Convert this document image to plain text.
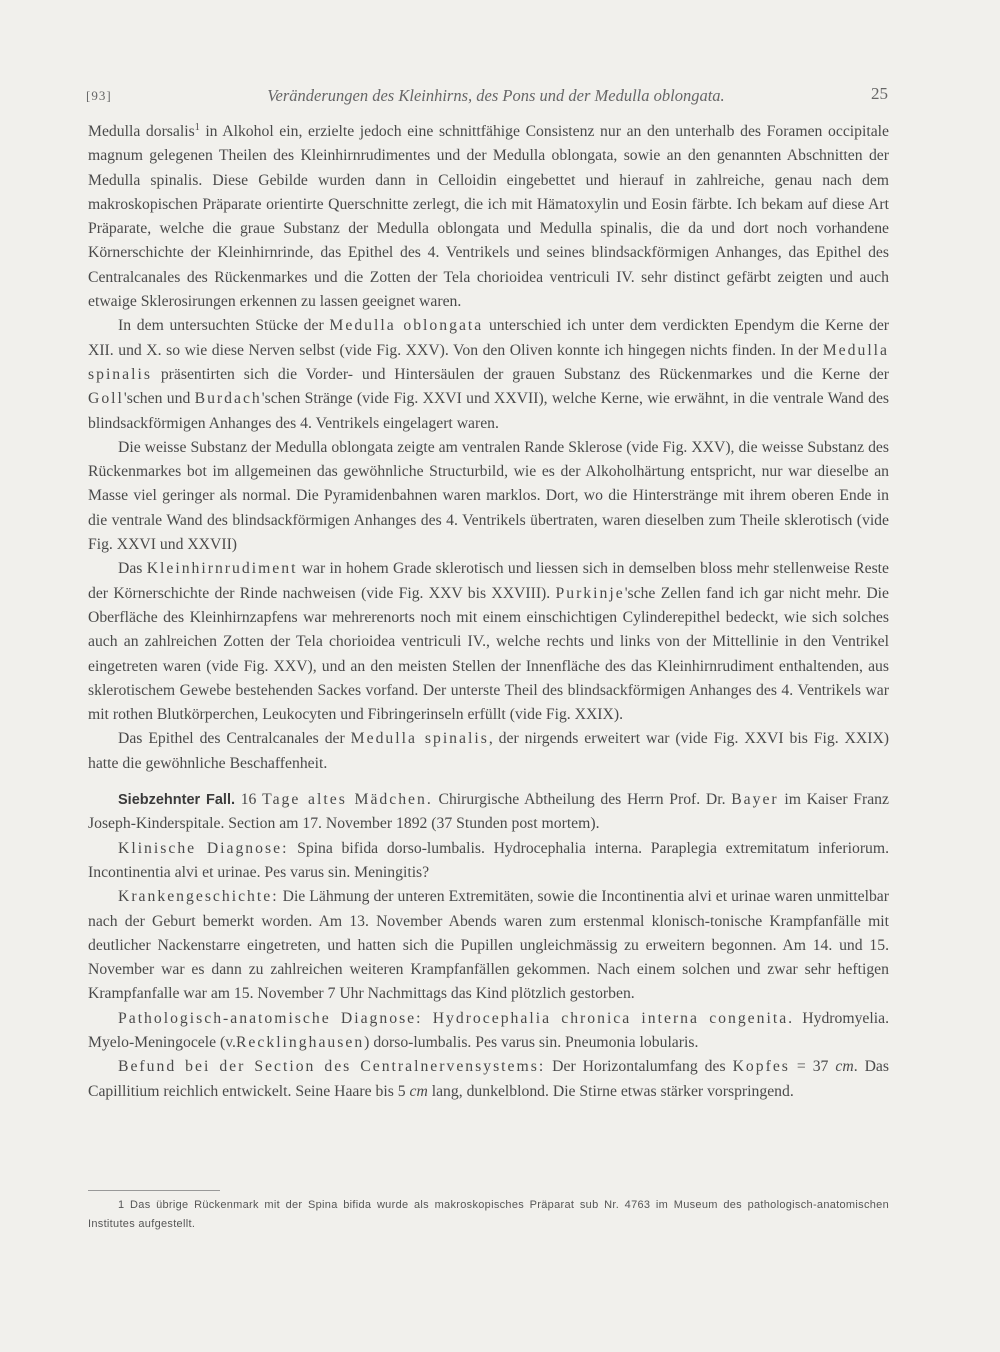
[93]	Veränderungen des Kleinhirns, des Pons und der Medulla oblongata.	25

Medulla dorsalis$^1$ in Alkohol ein, erzielte jedoch eine schnittfähige Consistenz nur an den unterhalb des Foramen occipitale magnum gelegenen Theilen des Kleinhirnrudimentes und der Medulla oblongata, sowie an den genannten Abschnitten der Medulla spinalis. Diese Gebilde wurden dann in Celloidin eingebettet und hierauf in zahlreiche, genau nach dem makroskopischen Präparate orientirte Querschnitte zerlegt, die ich mit Hämatoxylin und Eosin färbte. Ich bekam auf diese Art Präparate, welche die graue Substanz der Medulla oblongata und Medulla spinalis, die da und dort noch vorhandene Körnerschichte der Kleinhirnrinde, das Epithel des 4. Ventrikels und seines blindsackförmigen Anhanges, das Epithel des Centralcanales des Rückenmarkes und die Zotten der Tela chorioidea ventriculi IV. sehr distinct gefärbt zeigten und auch etwaige Sklerosirungen erkennen zu lassen geeignet waren.

In dem untersuchten Stücke der Medulla oblongata unterschied ich unter dem verdickten Ependym die Kerne der XII. und X. so wie diese Nerven selbst (vide Fig. XXV). Von den Oliven konnte ich hingegen nichts finden. In der Medulla spinalis präsentirten sich die Vorder- und Hintersäulen der grauen Substanz des Rückenmarkes und die Kerne der Goll'schen und Burdach'schen Stränge (vide Fig. XXVI und XXVII), welche Kerne, wie erwähnt, in die ventrale Wand des blindsackförmigen Anhanges des 4. Ventrikels eingelagert waren.

Die weisse Substanz der Medulla oblongata zeigte am ventralen Rande Sklerose (vide Fig. XXV), die weisse Substanz des Rückenmarkes bot im allgemeinen das gewöhnliche Structurbild, wie es der Alkoholhärtung entspricht, nur war dieselbe an Masse viel geringer als normal. Die Pyramidenbahnen waren marklos. Dort, wo die Hinterstränge mit ihrem oberen Ende in die ventrale Wand des blindsackförmigen Anhanges des 4. Ventrikels übertraten, waren dieselben zum Theile sklerotisch (vide Fig. XXVI und XXVII)

Das Kleinhirnrudiment war in hohem Grade sklerotisch und liessen sich in demselben bloss mehr stellenweise Reste der Körnerschichte der Rinde nachweisen (vide Fig. XXV bis XXVIII). Purkinje'sche Zellen fand ich gar nicht mehr. Die Oberfläche des Kleinhirnzapfens war mehrerenorts noch mit einem einschichtigen Cylinderepithel bedeckt, wie sich solches auch an zahlreichen Zotten der Tela chorioidea ventriculi IV., welche rechts und links von der Mittellinie in den Ventrikel eingetreten waren (vide Fig. XXV), und an den meisten Stellen der Innenfläche des das Kleinhirnrudiment enthaltenden, aus sklerotischem Gewebe bestehenden Sackes vorfand. Der unterste Theil des blindsackförmigen Anhanges des 4. Ventrikels war mit rothen Blutkörperchen, Leukocyten und Fibringerinseln erfüllt (vide Fig. XXIX).

Das Epithel des Centralcanales der Medulla spinalis, der nirgends erweitert war (vide Fig. XXVI bis Fig. XXIX) hatte die gewöhnliche Beschaffenheit.

Siebzehnter Fall. 16 Tage altes Mädchen. Chirurgische Abtheilung des Herrn Prof. Dr. Bayer im Kaiser Franz Joseph-Kinderspitale. Section am 17. November 1892 (37 Stunden post mortem).

Klinische Diagnose: Spina bifida dorso-lumbalis. Hydrocephalia interna. Paraplegia extremitatum inferiorum. Incontinentia alvi et urinae. Pes varus sin. Meningitis?

Krankengeschichte: Die Lähmung der unteren Extremitäten, sowie die Incontinentia alvi et urinae waren unmittelbar nach der Geburt bemerkt worden. Am 13. November Abends waren zum erstenmal klonisch-tonische Krampfanfälle mit deutlicher Nackenstarre eingetreten, und hatten sich die Pupillen ungleichmässig zu erweitern begonnen. Am 14. und 15. November war es dann zu zahlreichen weiteren Krampfanfällen gekommen. Nach einem solchen und zwar sehr heftigen Krampfanfalle war am 15. November 7 Uhr Nachmittags das Kind plötzlich gestorben.

Pathologisch-anatomische Diagnose: Hydrocephalia chronica interna congenita. Hydromyelia. Myelo-Meningocele (v.Recklinghausen) dorso-lumbalis. Pes varus sin. Pneumonia lobularis.

Befund bei der Section des Centralnervensystems: Der Horizontalumfang des Kopfes = 37 cm. Das Capillitium reichlich entwickelt. Seine Haare bis 5 cm lang, dunkelblond. Die Stirne etwas stärker vorspringend.

1 Das übrige Rückenmark mit der Spina bifida wurde als makroskopisches Präparat sub Nr. 4763 im Museum des pathologisch-anatomischen Institutes aufgestellt.
